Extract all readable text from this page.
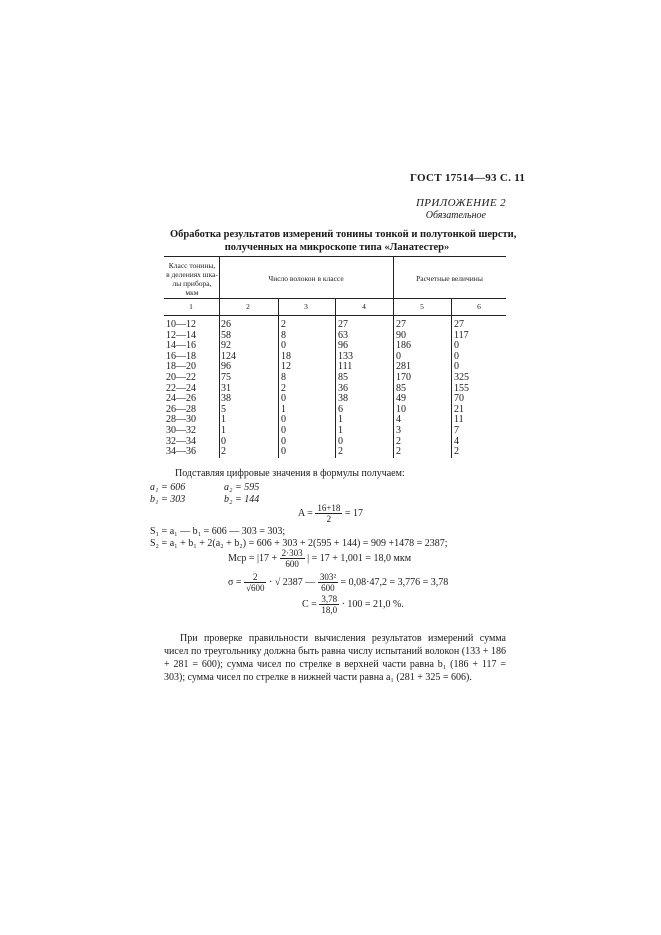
ГОСТ 17514—93 С. 11
ПРИЛОЖЕНИЕ 2
Обязательное
Обработка результатов измерений тонины тонкой и полутонкой шерсти,
полученных на микроскопе типа «Ланатестер»
Класс тонины,
в делениях шка-
лы прибора,
мкм
Число волокон в классе	Расчетные величины
1	2	3	4	5	6
10—12	26	2	27	27	27
12—14	58	8	63	90	117
14—16	92	0	96	186	0
16—18	124	18	133	0	0
18—20	96	12	111	281	0
20—22	75	8	85	170	325
22—24	31	2	36	85	155
24—26	38	0	38	49	70
26—28	5	1	6	10	21
28—30	1	0	1	4	11
30—32	1	0	1	3	7
32—34	0	0	0	2	4
34—36	2	0	2	2	2
Подставляя цифровые значения в формулы получаем:
a₁ = 606	a₂ = 595
b₁ = 303	b₂ = 144
$A = \frac{16+18}{2} = 17$
S₁ = a₁ — b₁ = 606 — 303 = 303;
S₂ = a₁ + b₁ + 2(a₂ + b₂) = 606 + 303 + 2(595 + 144) = 909 +1478 = 2387;
Mср = $|17 + \frac{2\cdot 303}{600}$ | = 17 + 1,001 = 18,0 мкм
$\sigma = \frac{2}{√600}$ · √ 2387 — $\frac{\text{303²}}{600} = 0,08\cdot 47,2 = 3,776 = 3,78$
$C = \frac{3,78}{18,0} \cdot 100 = 21,0$ %.
При проверке правильности вычисления результатов измерений сумма чисел по треугольнику должна быть равна числу испытаний волокон (133 + 186 + 281 = 600); сумма чисел по стрелке в верхней части равна b₁ (186 + 117 = 303); сумма чисел по стрелке в нижней части равна a₁ (281 + 325 = 606).
